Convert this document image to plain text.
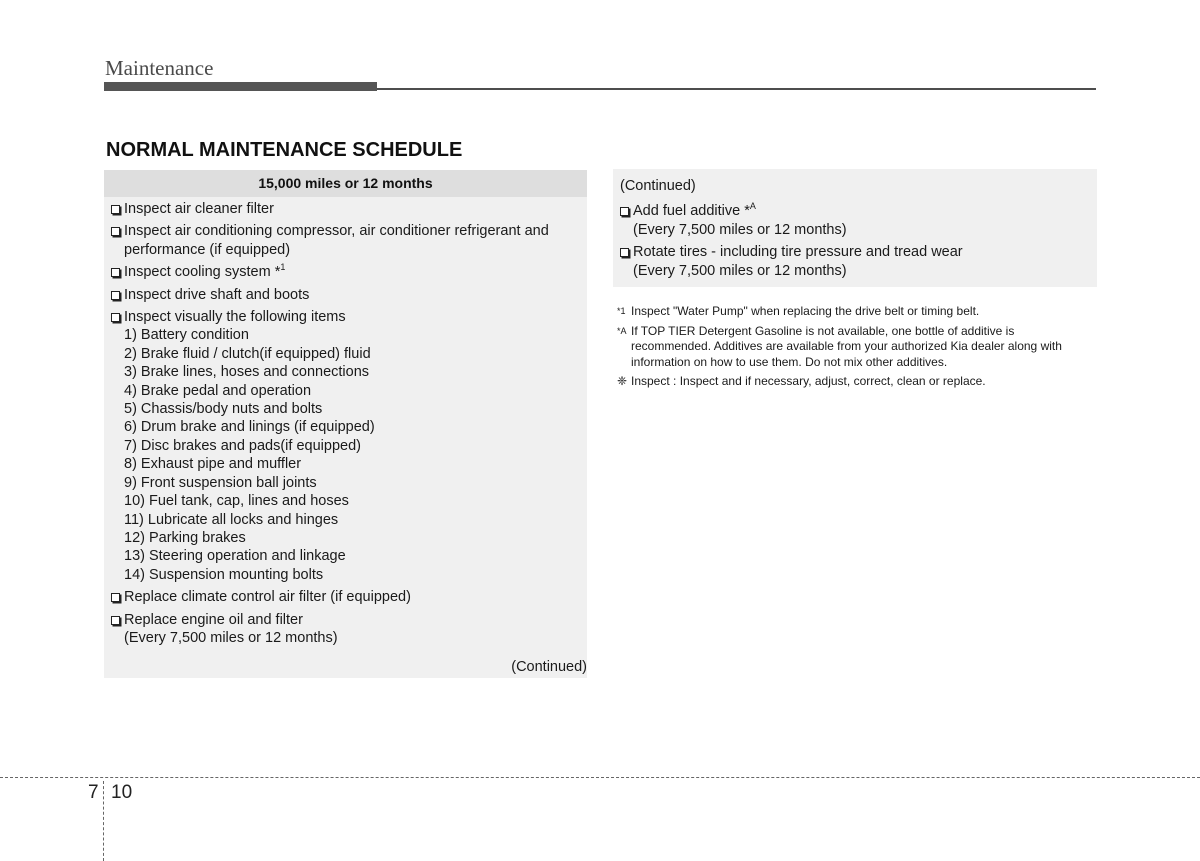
Maintenance
NORMAL MAINTENANCE SCHEDULE
15,000 miles or 12 months
Inspect air cleaner filter
Inspect air conditioning compressor, air conditioner refrigerant and performance (if equipped)
Inspect cooling system *$^1$
Inspect drive shaft and boots
Inspect visually the following items
1) Battery condition
2) Brake fluid / clutch(if equipped) fluid
3) Brake lines, hoses and connections
4) Brake pedal and operation
5) Chassis/body nuts and bolts
6) Drum brake and linings (if equipped)
7) Disc brakes and pads(if equipped)
8) Exhaust pipe and muffler
9) Front suspension ball joints
10) Fuel tank, cap, lines and hoses
11) Lubricate all locks and hinges
12) Parking brakes
13) Steering operation and linkage
14) Suspension mounting bolts
Replace climate control air filter (if equipped)
Replace engine oil and filter
(Every 7,500 miles or 12 months)
(Continued)
(Continued)
Add fuel additive *$^A$
(Every 7,500 miles or 12 months)
Rotate tires - including tire pressure and tread wear
(Every 7,500 miles or 12 months)
*1 Inspect "Water Pump" when replacing the drive belt or timing belt.
*A If TOP TIER Detergent Gasoline is not available, one bottle of additive is recommended. Additives are available from your authorized Kia dealer along with information on how to use them. Do not mix other additives.
❈ Inspect : Inspect and if necessary, adjust, correct, clean or replace.
7 10
